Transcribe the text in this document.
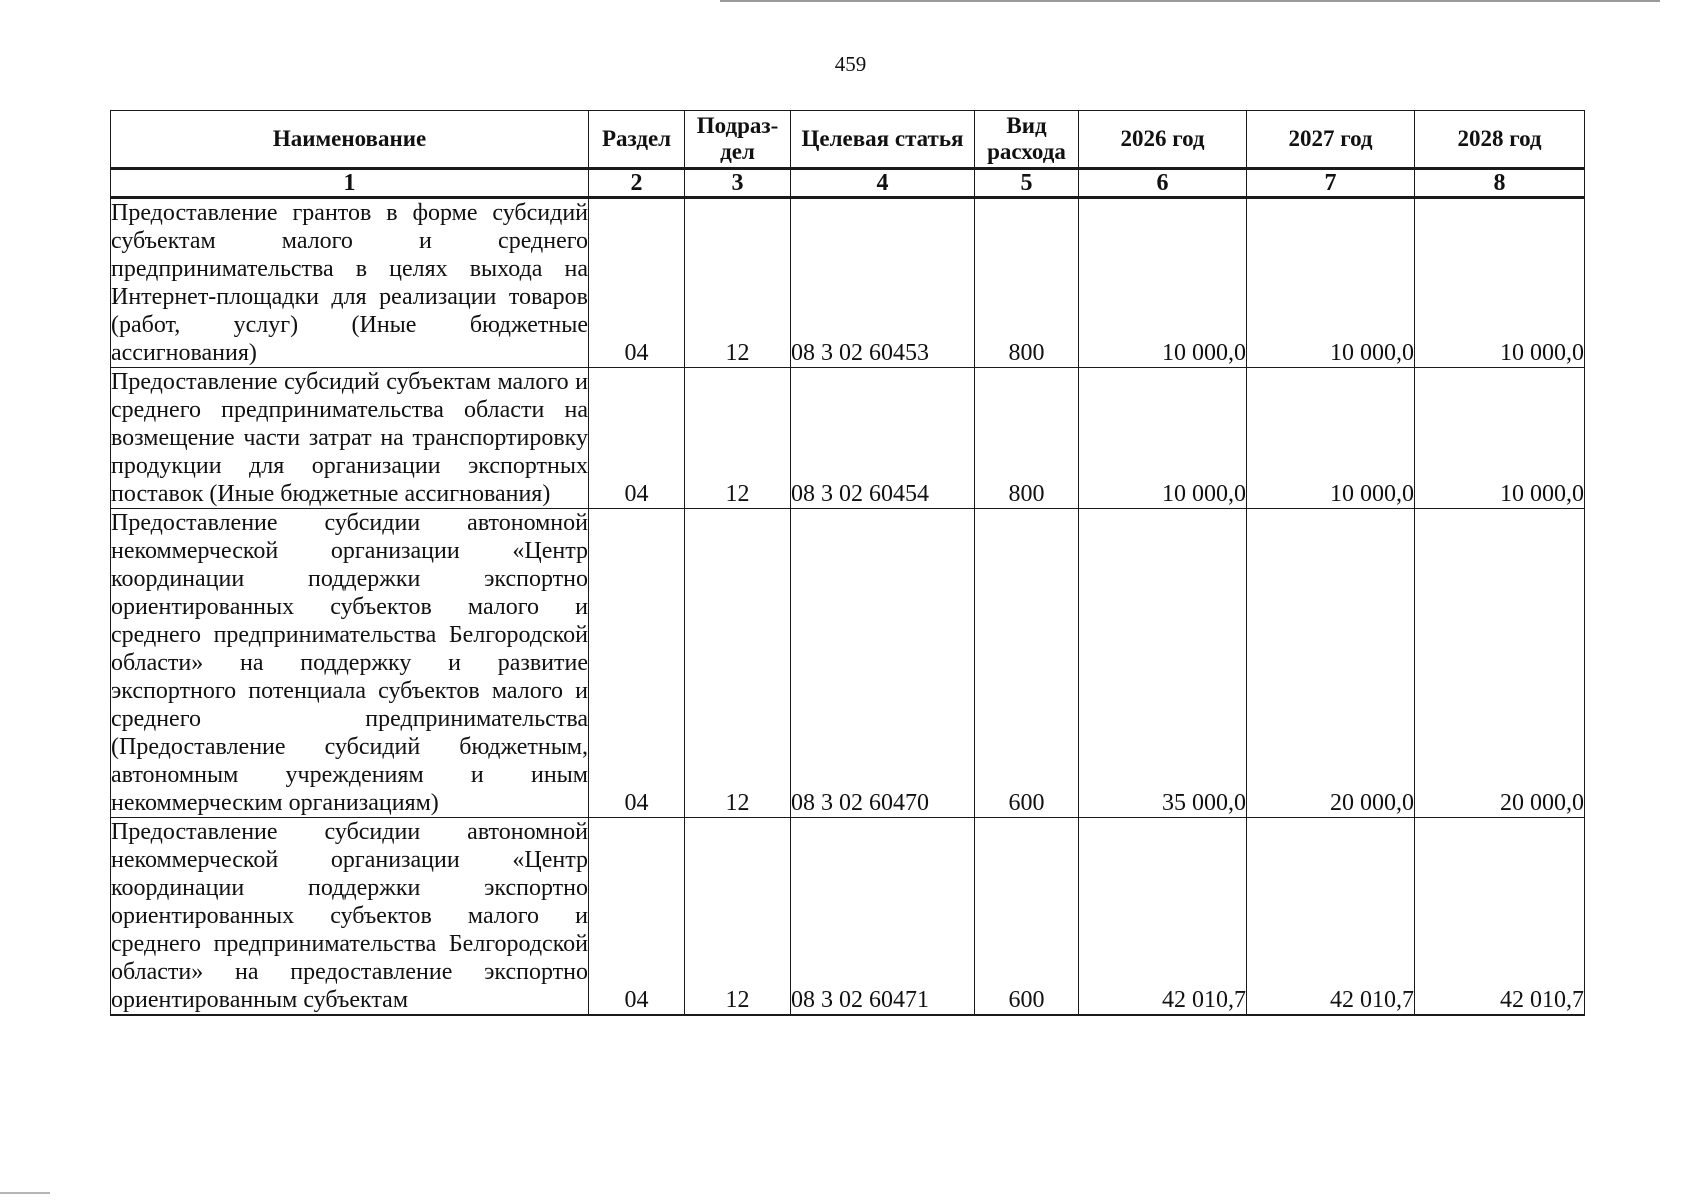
459
Наименование	Раздел	Подраз-дел	Целевая статья	Вид расхода	2026 год	2027 год	2028 год
1	2	3	4	5	6	7	8
Предоставление грантов в форме субсидий субъектам малого и среднего предпринимательства в целях выхода на Интернет-площадки для реализации товаров (работ, услуг) (Иные бюджетные ассигнования)	04	12	08 3 02 60453	800	10 000,0	10 000,0	10 000,0
Предоставление субсидий субъектам малого и среднего предпринимательства области на возмещение части затрат на транспортировку продукции для организации экспортных поставок (Иные бюджетные ассигнования)	04	12	08 3 02 60454	800	10 000,0	10 000,0	10 000,0
Предоставление субсидии автономной некоммерческой организации «Центр координации поддержки экспортно ориентированных субъектов малого и среднего предпринимательства Белгородской области» на поддержку и развитие экспортного потенциала субъектов малого и среднего предпринимательства (Предоставление субсидий бюджетным, автономным учреждениям и иным некоммерческим организациям)	04	12	08 3 02 60470	600	35 000,0	20 000,0	20 000,0
Предоставление субсидии автономной некоммерческой организации «Центр координации поддержки экспортно ориентированных субъектов малого и среднего предпринимательства Белгородской области» на предоставление экспортно ориентированным субъектам	04	12	08 3 02 60471	600	42 010,7	42 010,7	42 010,7
